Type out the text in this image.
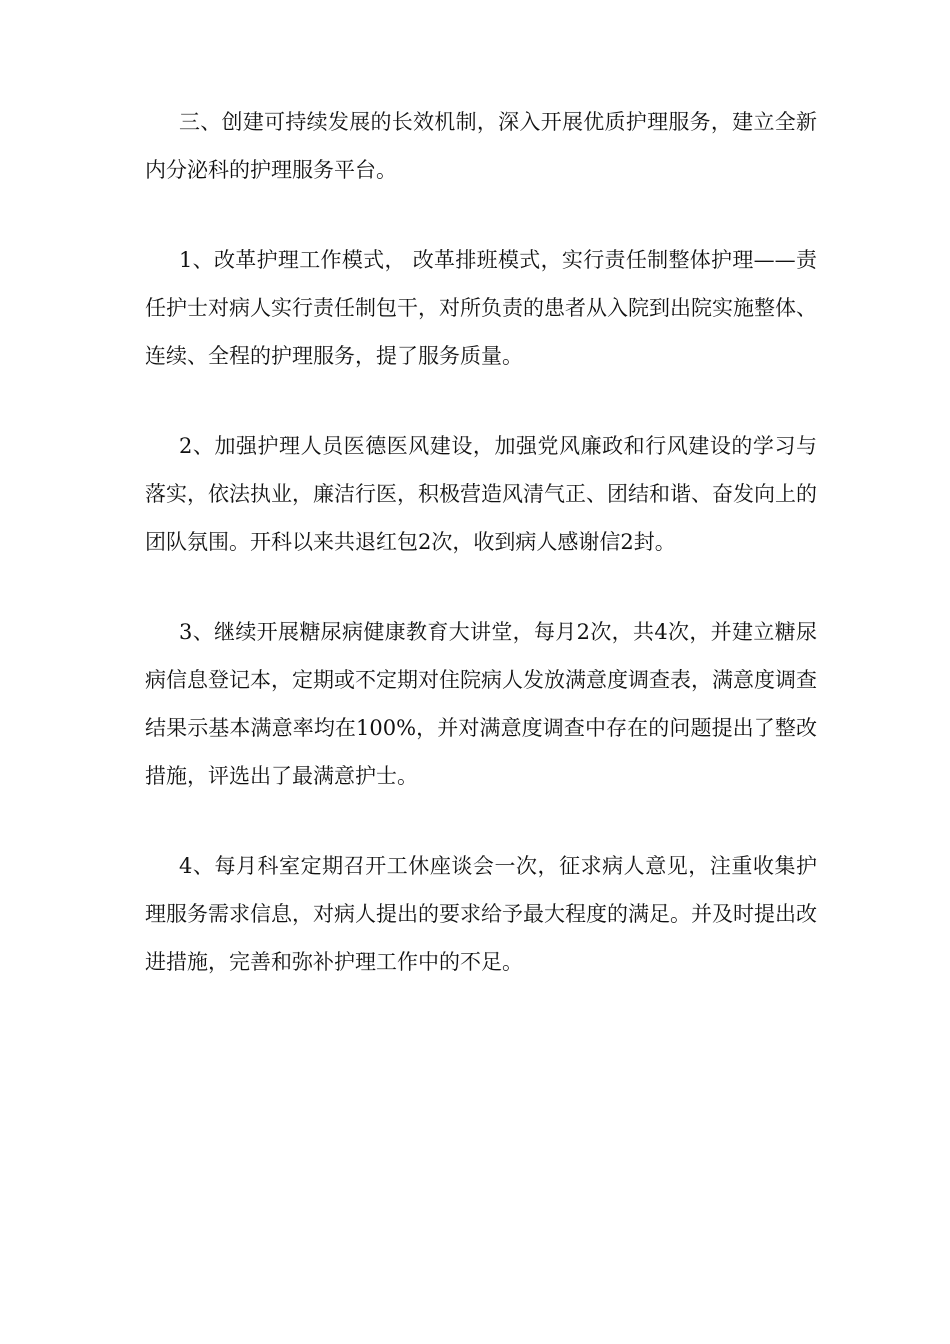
三、创建可持续发展的长效机制，深入开展优质护理服务，建立全新内分泌科的护理服务平台。

1、改革护理工作模式， 改革排班模式，实行责任制整体护理——责任护士对病人实行责任制包干，对所负责的患者从入院到出院实施整体、连续、全程的护理服务，提了服务质量。

2、加强护理人员医德医风建设，加强党风廉政和行风建设的学习与落实，依法执业，廉洁行医，积极营造风清气正、团结和谐、奋发向上的团队氛围。开科以来共退红包2次，收到病人感谢信2封。

3、继续开展糖尿病健康教育大讲堂，每月2次，共4次，并建立糖尿病信息登记本，定期或不定期对住院病人发放满意度调查表，满意度调查结果示基本满意率均在100%，并对满意度调查中存在的问题提出了整改措施，评选出了最满意护士。

4、每月科室定期召开工休座谈会一次，征求病人意见，注重收集护理服务需求信息，对病人提出的要求给予最大程度的满足。并及时提出改进措施，完善和弥补护理工作中的不足。
